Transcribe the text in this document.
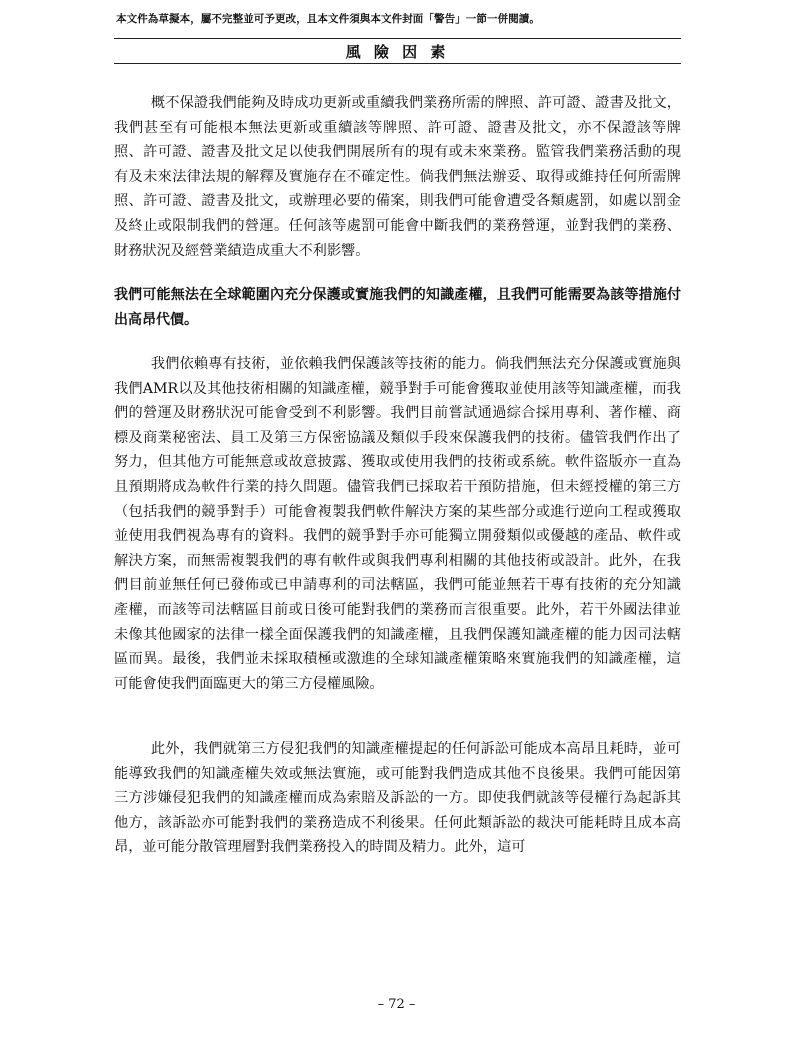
本文件為草擬本，屬不完整並可予更改，且本文件須與本文件封面「警告」一節一併閱讀。
風 險 因 素

概不保證我們能夠及時成功更新或重續我們業務所需的牌照、許可證、證書及批文，我們甚至有可能根本無法更新或重續該等牌照、許可證、證書及批文，亦不保證該等牌照、許可證、證書及批文足以使我們開展所有的現有或未來業務。監管我們業務活動的現有及未來法律法規的解釋及實施存在不確定性。倘我們無法辦妥、取得或維持任何所需牌照、許可證、證書及批文，或辦理必要的備案，則我們可能會遭受各類處罰，如處以罰金及終止或限制我們的營運。任何該等處罰可能會中斷我們的業務營運，並對我們的業務、財務狀況及經營業績造成重大不利影響。

我們可能無法在全球範圍內充分保護或實施我們的知識產權，且我們可能需要為該等措施付出高昂代價。

我們依賴專有技術，並依賴我們保護該等技術的能力。倘我們無法充分保護或實施與我們AMR以及其他技術相關的知識產權，競爭對手可能會獲取並使用該等知識產權，而我們的營運及財務狀況可能會受到不利影響。我們目前嘗試通過綜合採用專利、著作權、商標及商業秘密法、員工及第三方保密協議及類似手段來保護我們的技術。儘管我們作出了努力，但其他方可能無意或故意披露、獲取或使用我們的技術或系統。軟件盜版亦一直為且預期將成為軟件行業的持久問題。儘管我們已採取若干預防措施，但未經授權的第三方（包括我們的競爭對手）可能會複製我們軟件解決方案的某些部分或進行逆向工程或獲取並使用我們視為專有的資料。我們的競爭對手亦可能獨立開發類似或優越的產品、軟件或解決方案，而無需複製我們的專有軟件或與我們專利相關的其他技術或設計。此外，在我們目前並無任何已發佈或已申請專利的司法轄區，我們可能並無若干專有技術的充分知識產權，而該等司法轄區目前或日後可能對我們的業務而言很重要。此外，若干外國法律並未像其他國家的法律一樣全面保護我們的知識產權，且我們保護知識產權的能力因司法轄區而異。最後，我們並未採取積極或激進的全球知識產權策略來實施我們的知識產權，這可能會使我們面臨更大的第三方侵權風險。

此外，我們就第三方侵犯我們的知識產權提起的任何訴訟可能成本高昂且耗時，並可能導致我們的知識產權失效或無法實施，或可能對我們造成其他不良後果。我們可能因第三方涉嫌侵犯我們的知識產權而成為索賠及訴訟的一方。即使我們就該等侵權行為起訴其他方，該訴訟亦可能對我們的業務造成不利後果。任何此類訴訟的裁決可能耗時且成本高昂，並可能分散管理層對我們業務投入的時間及精力。此外，這可

– 72 –
